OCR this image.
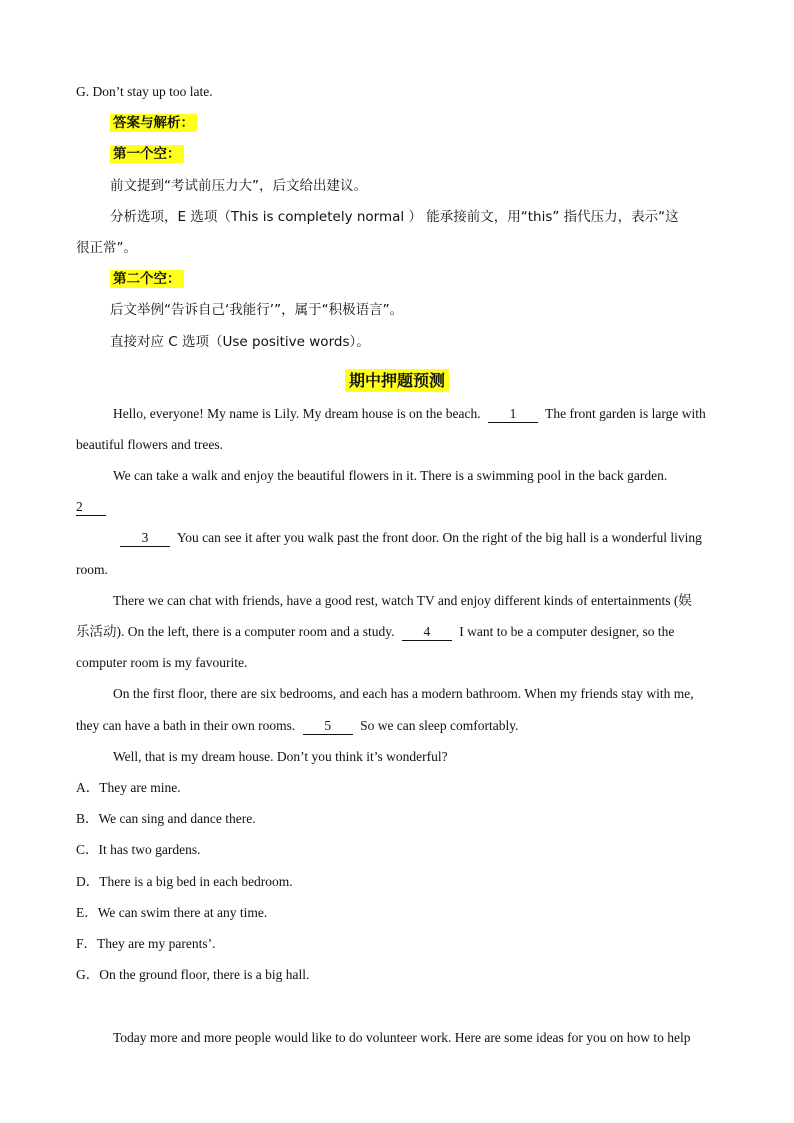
G. Don’t stay up too late.
答案与解析：
第一个空：
前文提到“考试前压力大”，后文给出建议。
分析选项，E 选项（This is completely normal ） 能承接前文，用“this” 指代压力，表示“这
很正常”。
第二个空：
后文举例“告诉自己‘我能行’”，属于“积极语言”。
直接对应 C 选项（Use positive words）。
期中押题预测
Hello, everyone! My name is Lily. My dream house is on the beach. 1 The front garden is large with
beautiful flowers and trees.
We can take a walk and enjoy the beautiful flowers in it. There is a swimming pool in the back garden.
2
3 You can see it after you walk past the front door. On the right of the big hall is a wonderful living
room.
There we can chat with friends, have a good rest, watch TV and enjoy different kinds of entertainments (娱
乐活动). On the left, there is a computer room and a study. 4 I want to be a computer designer, so the
computer room is my favourite.
On the first floor, there are six bedrooms, and each has a modern bathroom. When my friends stay with me,
they can have a bath in their own rooms. 5 So we can sleep comfortably.
Well, that is my dream house. Don’t you think it’s wonderful?
A．They are mine.
B．We can sing and dance there.
C．It has two gardens.
D．There is a big bed in each bedroom.
E．We can swim there at any time.
F．They are my parents’.
G．On the ground floor, there is a big hall.
Today more and more people would like to do volunteer work. Here are some ideas for you on how to help
